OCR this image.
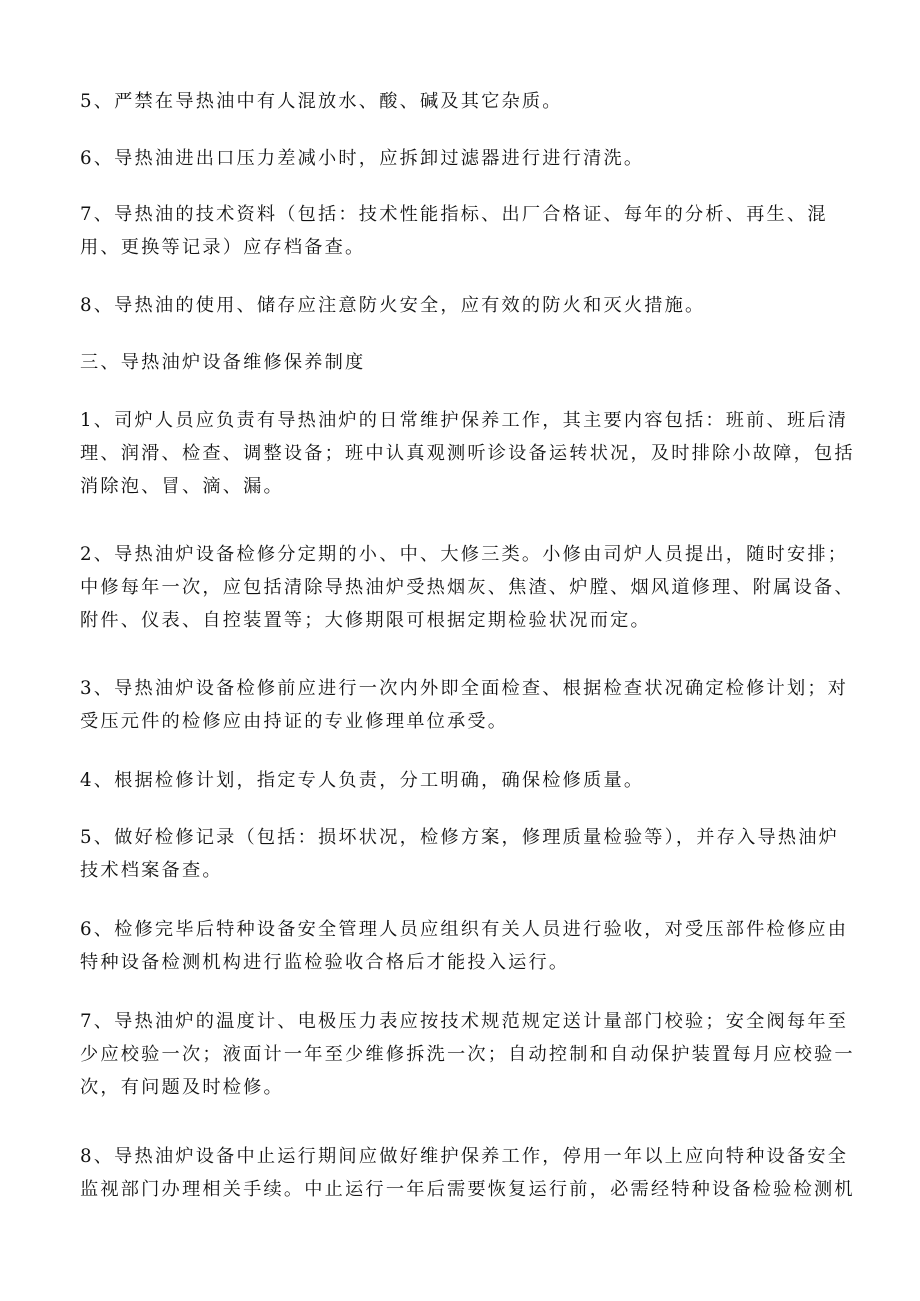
5、严禁在导热油中有人混放水、酸、碱及其它杂质。

6、导热油进出口压力差减小时，应拆卸过滤器进行进行清洗。

7、导热油的技术资料（包括：技术性能指标、出厂合格证、每年的分析、再生、混
用、更换等记录）应存档备查。

8、导热油的使用、储存应注意防火安全，应有效的防火和灭火措施。

三、导热油炉设备维修保养制度

1、司炉人员应负责有导热油炉的日常维护保养工作，其主要内容包括：班前、班后清
理、润滑、检查、调整设备；班中认真观测听诊设备运转状况，及时排除小故障，包括
消除泡、冒、滴、漏。

2、导热油炉设备检修分定期的小、中、大修三类。小修由司炉人员提出，随时安排；
中修每年一次，应包括清除导热油炉受热烟灰、焦渣、炉膛、烟风道修理、附属设备、
附件、仪表、自控装置等；大修期限可根据定期检验状况而定。

3、导热油炉设备检修前应进行一次内外即全面检查、根据检查状况确定检修计划；对
受压元件的检修应由持证的专业修理单位承受。

4、根据检修计划，指定专人负责，分工明确，确保检修质量。

5、做好检修记录（包括：损坏状况，检修方案，修理质量检验等），并存入导热油炉
技术档案备查。

6、检修完毕后特种设备安全管理人员应组织有关人员进行验收，对受压部件检修应由
特种设备检测机构进行监检验收合格后才能投入运行。

7、导热油炉的温度计、电极压力表应按技术规范规定送计量部门校验；安全阀每年至
少应校验一次；液面计一年至少维修拆洗一次；自动控制和自动保护装置每月应校验一
次，有问题及时检修。

8、导热油炉设备中止运行期间应做好维护保养工作，停用一年以上应向特种设备安全
监视部门办理相关手续。中止运行一年后需要恢复运行前，必需经特种设备检验检测机
